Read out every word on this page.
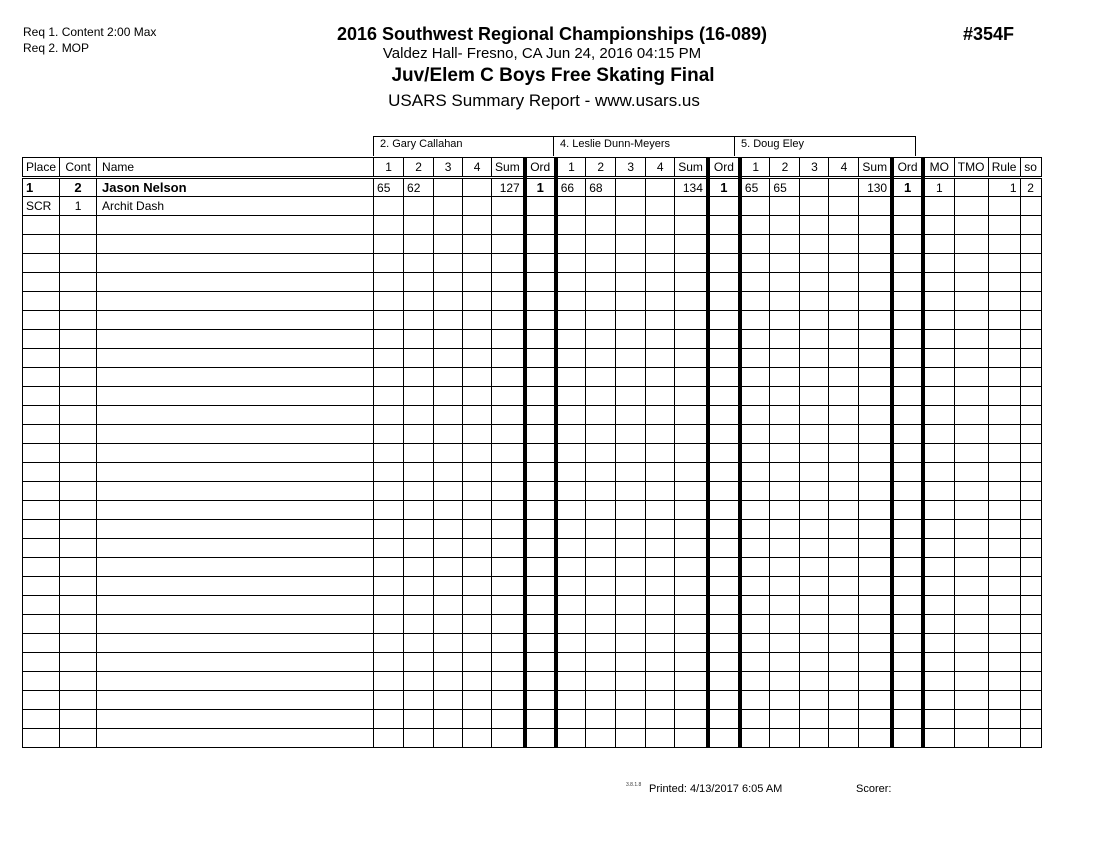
Req 1. Content 2:00 Max
Req 2. MOP
2016 Southwest Regional Championships (16-089)
Valdez Hall- Fresno, CA Jun 24, 2016 04:15 PM
Juv/Elem C Boys Free Skating Final
USARS Summary Report - www.usars.us
#354F
2. Gary Callahan	4. Leslie Dunn-Meyers	5. Doug Eley
Place	Cont	Name	1	2	3	4	Sum	Ord	1	2	3	4	Sum	Ord	1	2	3	4	Sum	Ord	MO	TMO	Rule	so
1	2	Jason Nelson	65	62			127	1	66	68			134	1	65	65			130	1	1		1	2
SCR	1	Archit Dash																						

3.8.1.8 Printed: 4/13/2017 6:05 AM	Scorer:
